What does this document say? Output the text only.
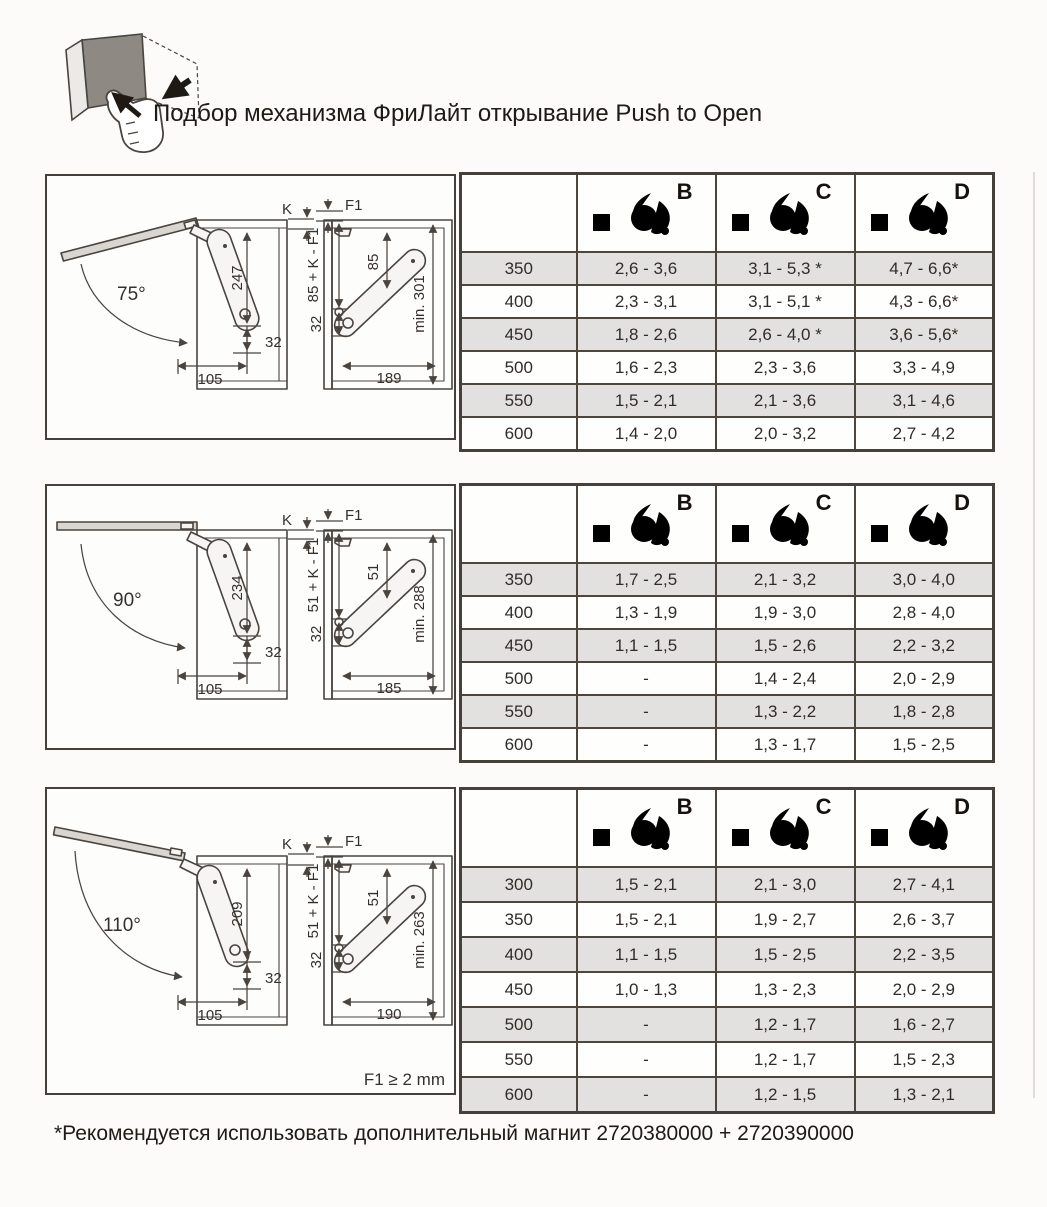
Подбор механизма ФриЛайт открывание Push to Open
75°
247
32
105
K	F1
85 + K - F1	85
32
189
min. 301

	B	C	D

350	2,6 - 3,6	3,1 - 5,3 *	4,7 - 6,6*
400	2,3 - 3,1	3,1 - 5,1 *	4,3 - 6,6*
450	1,8 - 2,6	2,6 - 4,0 *	3,6 - 5,6*
500	1,6 - 2,3	2,3 - 3,6	3,3 - 4,9
550	1,5 - 2,1	2,1 - 3,6	3,1 - 4,6
600	1,4 - 2,0	2,0 - 3,2	2,7 - 4,2
90°	234
32
105
K	F1
51 + K - F1	51
32
185
min. 288

	B	C	D

350	1,7 - 2,5	2,1 - 3,2	3,0 - 4,0
400	1,3 - 1,9	1,9 - 3,0	2,8 - 4,0
450	1,1 - 1,5	1,5 - 2,6	2,2 - 3,2
500	-	1,4 - 2,4	2,0 - 2,9
550	-	1,3 - 2,2	1,8 - 2,8
600	-	1,3 - 1,7	1,5 - 2,5
110°	209
32
105
K	F1
51 + K - F1	51
32
190
min. 263
F1 ≥ 2 mm

	B	C	D

300	1,5 - 2,1	2,1 - 3,0	2,7 - 4,1
350	1,5 - 2,1	1,9 - 2,7	2,6 - 3,7
400	1,1 - 1,5	1,5 - 2,5	2,2 - 3,5
450	1,0 - 1,3	1,3 - 2,3	2,0 - 2,9
500	-	1,2 - 1,7	1,6 - 2,7
550	-	1,2 - 1,7	1,5 - 2,3
600	-	1,2 - 1,5	1,3 - 2,1
*Рекомендуется использовать дополнительный магнит 2720380000 + 2720390000
